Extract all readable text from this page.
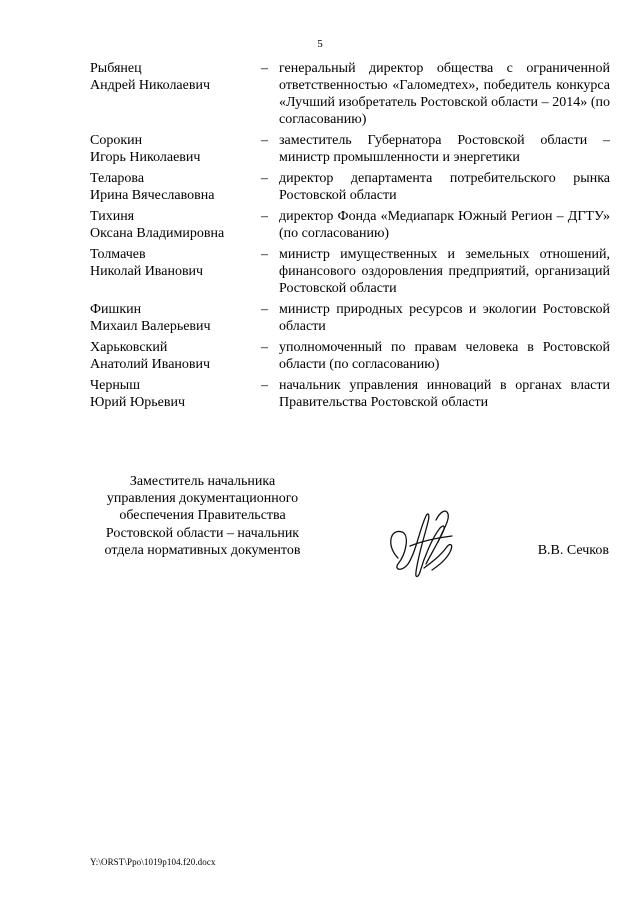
5
Рыбянец
Андрей Николаевич
– генеральный директор общества с ограниченной ответственностью «Галомедтех», победитель конкурса «Лучший изобретатель Ростовской области – 2014» (по согласованию)
Сорокин
Игорь Николаевич
– заместитель Губернатора Ростовской области – министр промышленности и энергетики
Теларова
Ирина Вячеславовна
– директор департамента потребительского рынка Ростовской области
Тихиня
Оксана Владимировна
– директор Фонда «Медиапарк Южный Регион – ДГТУ» (по согласованию)
Толмачев
Николай Иванович
– министр имущественных и земельных отношений, финансового оздоровления предприятий, организаций Ростовской области
Фишкин
Михаил Валерьевич
– министр природных ресурсов и экологии Ростовской области
Харьковский
Анатолий Иванович
– уполномоченный по правам человека в Ростовской области (по согласованию)
Черныш
Юрий Юрьевич
– начальник управления инноваций в органах власти Правительства Ростовской области
Заместитель начальника
управления документационного
обеспечения Правительства
Ростовской области – начальник
отдела нормативных документов	В.В. Сечков
Y:\ORST\Ppo\1019p104.f20.docx
